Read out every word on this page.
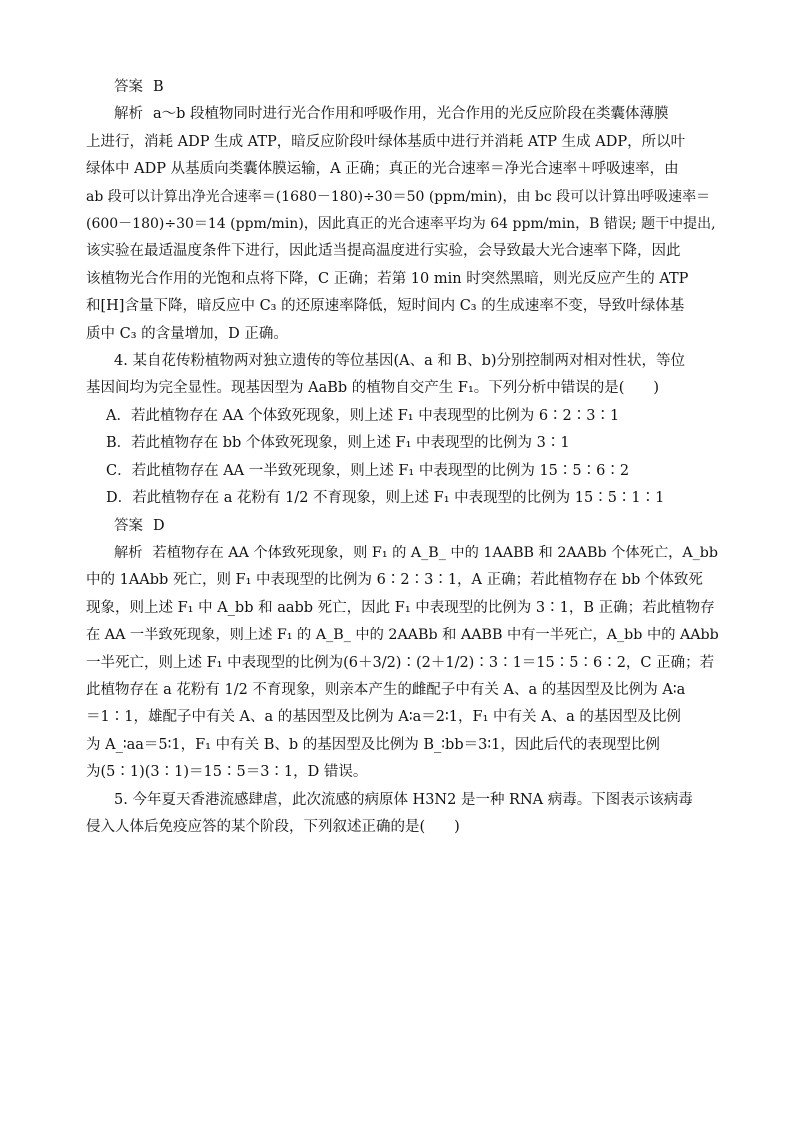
答案 B
解析 a～b 段植物同时进行光合作用和呼吸作用，光合作用的光反应阶段在类囊体薄膜
上进行，消耗 ADP 生成 ATP，暗反应阶段叶绿体基质中进行并消耗 ATP 生成 ADP，所以叶
绿体中 ADP 从基质向类囊体膜运输，A 正确；真正的光合速率＝净光合速率＋呼吸速率，由
ab 段可以计算出净光合速率＝(1680－180)÷30＝50 (ppm/min)，由 bc 段可以计算出呼吸速率＝
(600－180)÷30＝14 (ppm/min)，因此真正的光合速率平均为 64 ppm/min，B 错误; 题干中提出,
该实验在最适温度条件下进行，因此适当提高温度进行实验，会导致最大光合速率下降，因此
该植物光合作用的光饱和点将下降，C 正确；若第 10 min 时突然黑暗，则光反应产生的 ATP
和[H]含量下降，暗反应中 C₃ 的还原速率降低，短时间内 C₃ 的生成速率不变，导致叶绿体基
质中 C₃ 的含量增加，D 正确。
4. 某自花传粉植物两对独立遗传的等位基因(A、a 和 B、b)分别控制两对相对性状，等位
基因间均为完全显性。现基因型为 AaBb 的植物自交产生 F₁。下列分析中错误的是(　　)
A．若此植物存在 AA 个体致死现象，则上述 F₁ 中表现型的比例为 6∶2∶3∶1
B．若此植物存在 bb 个体致死现象，则上述 F₁ 中表现型的比例为 3∶1
C．若此植物存在 AA 一半致死现象，则上述 F₁ 中表现型的比例为 15∶5∶6∶2
D．若此植物存在 a 花粉有 1/2 不育现象，则上述 F₁ 中表现型的比例为 15∶5∶1∶1
答案 D
解析 若植物存在 AA 个体致死现象，则 F₁ 的 A_B_ 中的 1AABB 和 2AABb 个体死亡，A_bb
中的 1AAbb 死亡，则 F₁ 中表现型的比例为 6∶2∶3∶1，A 正确；若此植物存在 bb 个体致死
现象，则上述 F₁ 中 A_bb 和 aabb 死亡，因此 F₁ 中表现型的比例为 3∶1，B 正确；若此植物存
在 AA 一半致死现象，则上述 F₁ 的 A_B_ 中的 2AABb 和 AABB 中有一半死亡，A_bb 中的 AAbb
一半死亡，则上述 F₁ 中表现型的比例为(6＋3/2)∶(2＋1/2)∶3∶1＝15∶5∶6∶2，C 正确；若
此植物存在 a 花粉有 1/2 不育现象，则亲本产生的雌配子中有关 A、a 的基因型及比例为 A∶a
＝1∶1，雄配子中有关 A、a 的基因型及比例为 A∶a＝2∶1，F₁ 中有关 A、a 的基因型及比例
为 A_∶aa＝5∶1，F₁ 中有关 B、b 的基因型及比例为 B_∶bb＝3∶1，因此后代的表现型比例
为(5∶1)(3∶1)＝15∶5＝3∶1，D 错误。
5. 今年夏天香港流感肆虐，此次流感的病原体 H3N2 是一种 RNA 病毒。下图表示该病毒
侵入人体后免疫应答的某个阶段，下列叙述正确的是(　　)
